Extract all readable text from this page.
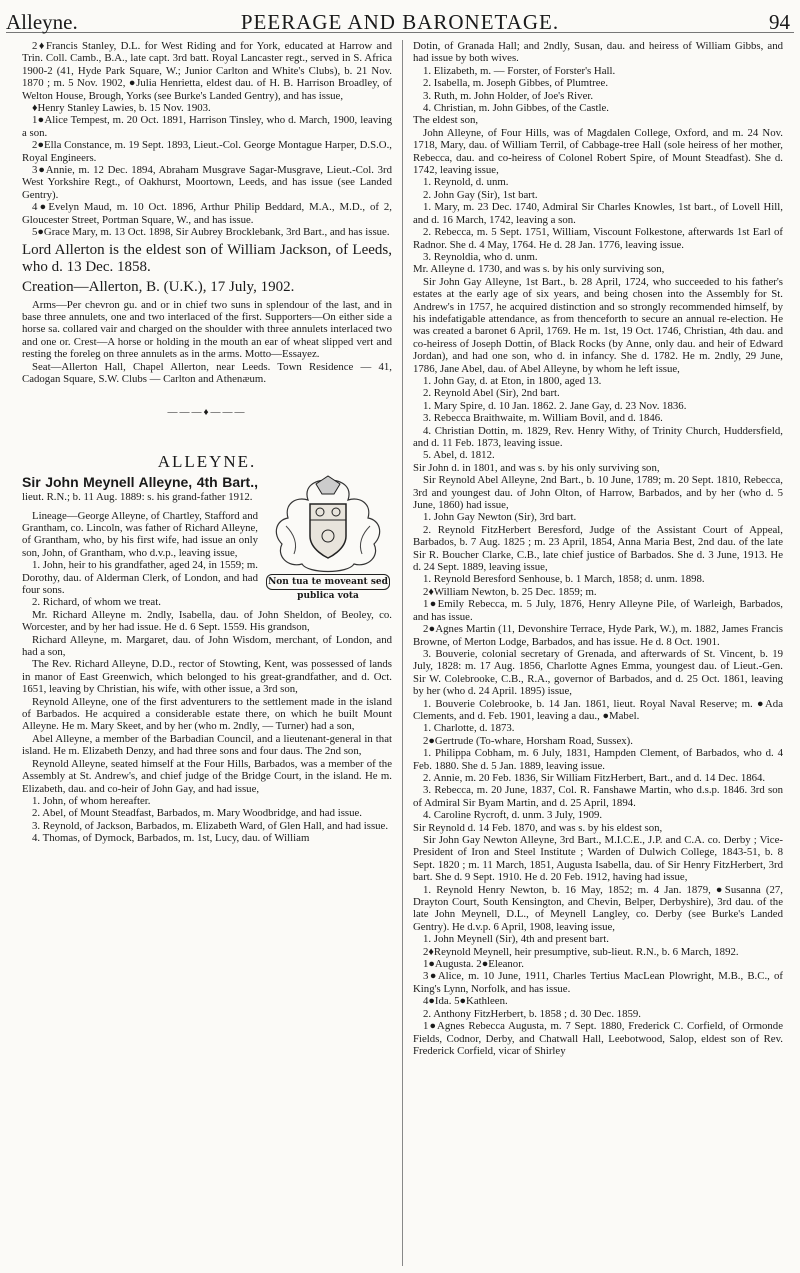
Alleyne.	PEERAGE AND BARONETAGE.	94

2♦Francis Stanley, D.L. for West Riding and for York, educated at Harrow and Trin. Coll. Camb., B.A., late capt. 3rd batt. Royal Lancaster regt., served in S. Africa 1900-2 (41, Hyde Park Square, W.; Junior Carlton and White's Clubs), b. 21 Nov. 1870 ; m. 5 Nov. 1902, ●Julia Henrietta, eldest dau. of H. B. Harrison Broadley, of Welton House, Brough, Yorks (see Burke's Landed Gentry), and has issue,

♦Henry Stanley Lawies, b. 15 Nov. 1903.

1●Alice Tempest, m. 20 Oct. 1891, Harrison Tinsley, who d. March, 1900, leaving a son.

2●Ella Constance, m. 19 Sept. 1893, Lieut.-Col. George Montague Harper, D.S.O., Royal Engineers.

3●Annie, m. 12 Dec. 1894, Abraham Musgrave Sagar-Musgrave, Lieut.-Col. 3rd West Yorkshire Regt., of Oakhurst, Moortown, Leeds, and has issue (see Landed Gentry).

4●Evelyn Maud, m. 10 Oct. 1896, Arthur Philip Beddard, M.A., M.D., of 2, Gloucester Street, Portman Square, W., and has issue.

5●Grace Mary, m. 13 Oct. 1898, Sir Aubrey Brocklebank, 3rd Bart., and has issue.

Lord Allerton is the eldest son of William Jackson, of Leeds, who d. 13 Dec. 1858.

Creation—Allerton, B. (U.K.), 17 July, 1902.

Arms—Per chevron gu. and or in chief two suns in splendour of the last, and in base three annulets, one and two interlaced of the first. Supporters—On either side a horse sa. collared vair and charged on the shoulder with three annulets interlaced two and one or. Crest—A horse or holding in the mouth an ear of wheat slipped vert and resting the foreleg on three annulets as in the arms. Motto—Essayez.

Seat—Allerton Hall, Chapel Allerton, near Leeds. Town Residence — 41, Cadogan Square, S.W. Clubs — Carlton and Athenæum.

———♦———
ALLEYNE.
Non tua te moveant sed publica vota

Sir John Meynell Alleyne, 4th Bart., lieut. R.N.; b. 11 Aug. 1889: s. his grand-father 1912.

Lineage—George Alleyne, of Chartley, Stafford and Grantham, co. Lincoln, was father of Richard Alleyne, of Grantham, who, by his first wife, had issue an only son, John, of Grantham, who d.v.p., leaving issue,

1. John, heir to his grandfather, aged 24, in 1559; m. Dorothy, dau. of Alderman Clerk, of London, and had four sons.

2. Richard, of whom we treat.

Mr. Richard Alleyne m. 2ndly, Isabella, dau. of John Sheldon, of Beoley, co. Worcester, and by her had issue. He d. 6 Sept. 1559. His grandson,

Richard Alleyne, m. Margaret, dau. of John Wisdom, merchant, of London, and had a son,

The Rev. Richard Alleyne, D.D., rector of Stowting, Kent, was possessed of lands in manor of East Greenwich, which belonged to his great-grandfather, and d. Oct. 1651, leaving by Christian, his wife, with other issue, a 3rd son,

Reynold Alleyne, one of the first adventurers to the settlement made in the island of Barbados. He acquired a considerable estate there, on which he built Mount Alleyne. He m. Mary Skeet, and by her (who m. 2ndly, — Turner) had a son,

Abel Alleyne, a member of the Barbadian Council, and a lieutenant-general in that island. He m. Elizabeth Denzy, and had three sons and four daus. The 2nd son,

Reynold Alleyne, seated himself at the Four Hills, Barbados, was a member of the Assembly at St. Andrew's, and chief judge of the Bridge Court, in the island. He m. Elizabeth, dau. and co-heir of John Gay, and had issue,

1. John, of whom hereafter.

2. Abel, of Mount Steadfast, Barbados, m. Mary Woodbridge, and had issue.

3. Reynold, of Jackson, Barbados, m. Elizabeth Ward, of Glen Hall, and had issue.

4. Thomas, of Dymock, Barbados, m. 1st, Lucy, dau. of William

Dotin, of Granada Hall; and 2ndly, Susan, dau. and heiress of William Gibbs, and had issue by both wives.

1. Elizabeth, m. — Forster, of Forster's Hall.

2. Isabella, m. Joseph Gibbes, of Plumtree.

3. Ruth, m. John Holder, of Joe's River.

4. Christian, m. John Gibbes, of the Castle.

The eldest son,

John Alleyne, of Four Hills, was of Magdalen College, Oxford, and m. 24 Nov. 1718, Mary, dau. of William Terril, of Cabbage-tree Hall (sole heiress of her mother, Rebecca, dau. and co-heiress of Colonel Robert Spire, of Mount Steadfast). She d. 1742, leaving issue,

1. Reynold, d. unm.

2. John Gay (Sir), 1st bart.

1. Mary, m. 23 Dec. 1740, Admiral Sir Charles Knowles, 1st bart., of Lovell Hill, and d. 16 March, 1742, leaving a son.

2. Rebecca, m. 5 Sept. 1751, William, Viscount Folkestone, afterwards 1st Earl of Radnor. She d. 4 May, 1764. He d. 28 Jan. 1776, leaving issue.

3. Reynoldia, who d. unm.

Mr. Alleyne d. 1730, and was s. by his only surviving son,

Sir John Gay Alleyne, 1st Bart., b. 28 April, 1724, who succeeded to his father's estates at the early age of six years, and being chosen into the Assembly for St. Andrew's in 1757, he acquired distinction and so strongly recommended himself, by his indefatigable attendance, as from thenceforth to secure an annual re-election. He was created a baronet 6 April, 1769. He m. 1st, 19 Oct. 1746, Christian, 4th dau. and co-heiress of Joseph Dottin, of Black Rocks (by Anne, only dau. and heir of Edward Jordan), and had one son, who d. in infancy. She d. 1782. He m. 2ndly, 29 June, 1786, Jane Abel, dau. of Abel Alleyne, by whom he left issue,

1. John Gay, d. at Eton, in 1800, aged 13.

2. Reynold Abel (Sir), 2nd bart.

1. Mary Spire, d. 10 Jan. 1862. 2. Jane Gay, d. 23 Nov. 1836.

3. Rebecca Braithwaite, m. William Bovil, and d. 1846.

4. Christian Dottin, m. 1829, Rev. Henry Withy, of Trinity Church, Huddersfield, and d. 11 Feb. 1873, leaving issue.

5. Abel, d. 1812.

Sir John d. in 1801, and was s. by his only surviving son,

Sir Reynold Abel Alleyne, 2nd Bart., b. 10 June, 1789; m. 20 Sept. 1810, Rebecca, 3rd and youngest dau. of John Olton, of Harrow, Barbados, and by her (who d. 5 June, 1860) had issue,

1. John Gay Newton (Sir), 3rd bart.

2. Reynold FitzHerbert Beresford, Judge of the Assistant Court of Appeal, Barbados, b. 7 Aug. 1825 ; m. 23 April, 1854, Anna Maria Best, 2nd dau. of the late Sir R. Boucher Clarke, C.B., late chief justice of Barbados. She d. 3 June, 1913. He d. 24 Sept. 1889, leaving issue,

1. Reynold Beresford Senhouse, b. 1 March, 1858; d. unm. 1898.

2♦William Newton, b. 25 Dec. 1859; m.

1●Emily Rebecca, m. 5 July, 1876, Henry Alleyne Pile, of Warleigh, Barbados, and has issue.

2●Agnes Martin (11, Devonshire Terrace, Hyde Park, W.), m. 1882, James Francis Browne, of Merton Lodge, Barbados, and has issue. He d. 8 Oct. 1901.

3. Bouverie, colonial secretary of Grenada, and afterwards of St. Vincent, b. 19 July, 1828: m. 17 Aug. 1856, Charlotte Agnes Emma, youngest dau. of Lieut.-Gen. Sir W. Colebrooke, C.B., R.A., governor of Barbados, and d. 25 Oct. 1861, leaving by her (who d. 24 April. 1895) issue,

1. Bouverie Colebrooke, b. 14 Jan. 1861, lieut. Royal Naval Reserve; m. ●Ada Clements, and d. Feb. 1901, leaving a dau., ●Mabel.

1. Charlotte, d. 1873.

2●Gertrude (To-whare, Horsham Road, Sussex).

1. Philippa Cobham, m. 6 July, 1831, Hampden Clement, of Barbados, who d. 4 Feb. 1880. She d. 5 Jan. 1889, leaving issue.

2. Annie, m. 20 Feb. 1836, Sir William FitzHerbert, Bart., and d. 14 Dec. 1864.

3. Rebecca, m. 20 June, 1837, Col. R. Fanshawe Martin, who d.s.p. 1846. 3rd son of Admiral Sir Byam Martin, and d. 25 April, 1894.

4. Caroline Rycroft, d. unm. 3 July, 1909.

Sir Reynold d. 14 Feb. 1870, and was s. by his eldest son,

Sir John Gay Newton Alleyne, 3rd Bart., M.I.C.E., J.P. and C.A. co. Derby ; Vice-President of Iron and Steel Institute ; Warden of Dulwich College, 1843-51, b. 8 Sept. 1820 ; m. 11 March, 1851, Augusta Isabella, dau. of Sir Henry FitzHerbert, 3rd bart. She d. 9 Sept. 1910. He d. 20 Feb. 1912, having had issue,

1. Reynold Henry Newton, b. 16 May, 1852; m. 4 Jan. 1879, ●Susanna (27, Drayton Court, South Kensington, and Chevin, Belper, Derbyshire), 3rd dau. of the late John Meynell, D.L., of Meynell Langley, co. Derby (see Burke's Landed Gentry). He d.v.p. 6 April, 1908, leaving issue,

1. John Meynell (Sir), 4th and present bart.

2♦Reynold Meynell, heir presumptive, sub-lieut. R.N., b. 6 March, 1892.

1●Augusta. 2●Eleanor.

3●Alice, m. 10 June, 1911, Charles Tertius MacLean Plowright, M.B., B.C., of King's Lynn, Norfolk, and has issue.

4●Ida. 5●Kathleen.

2. Anthony FitzHerbert, b. 1858 ; d. 30 Dec. 1859.

1●Agnes Rebecca Augusta, m. 7 Sept. 1880, Frederick C. Corfield, of Ormonde Fields, Codnor, Derby, and Chatwall Hall, Leebotwood, Salop, eldest son of Rev. Frederick Corfield, vicar of Shirley
